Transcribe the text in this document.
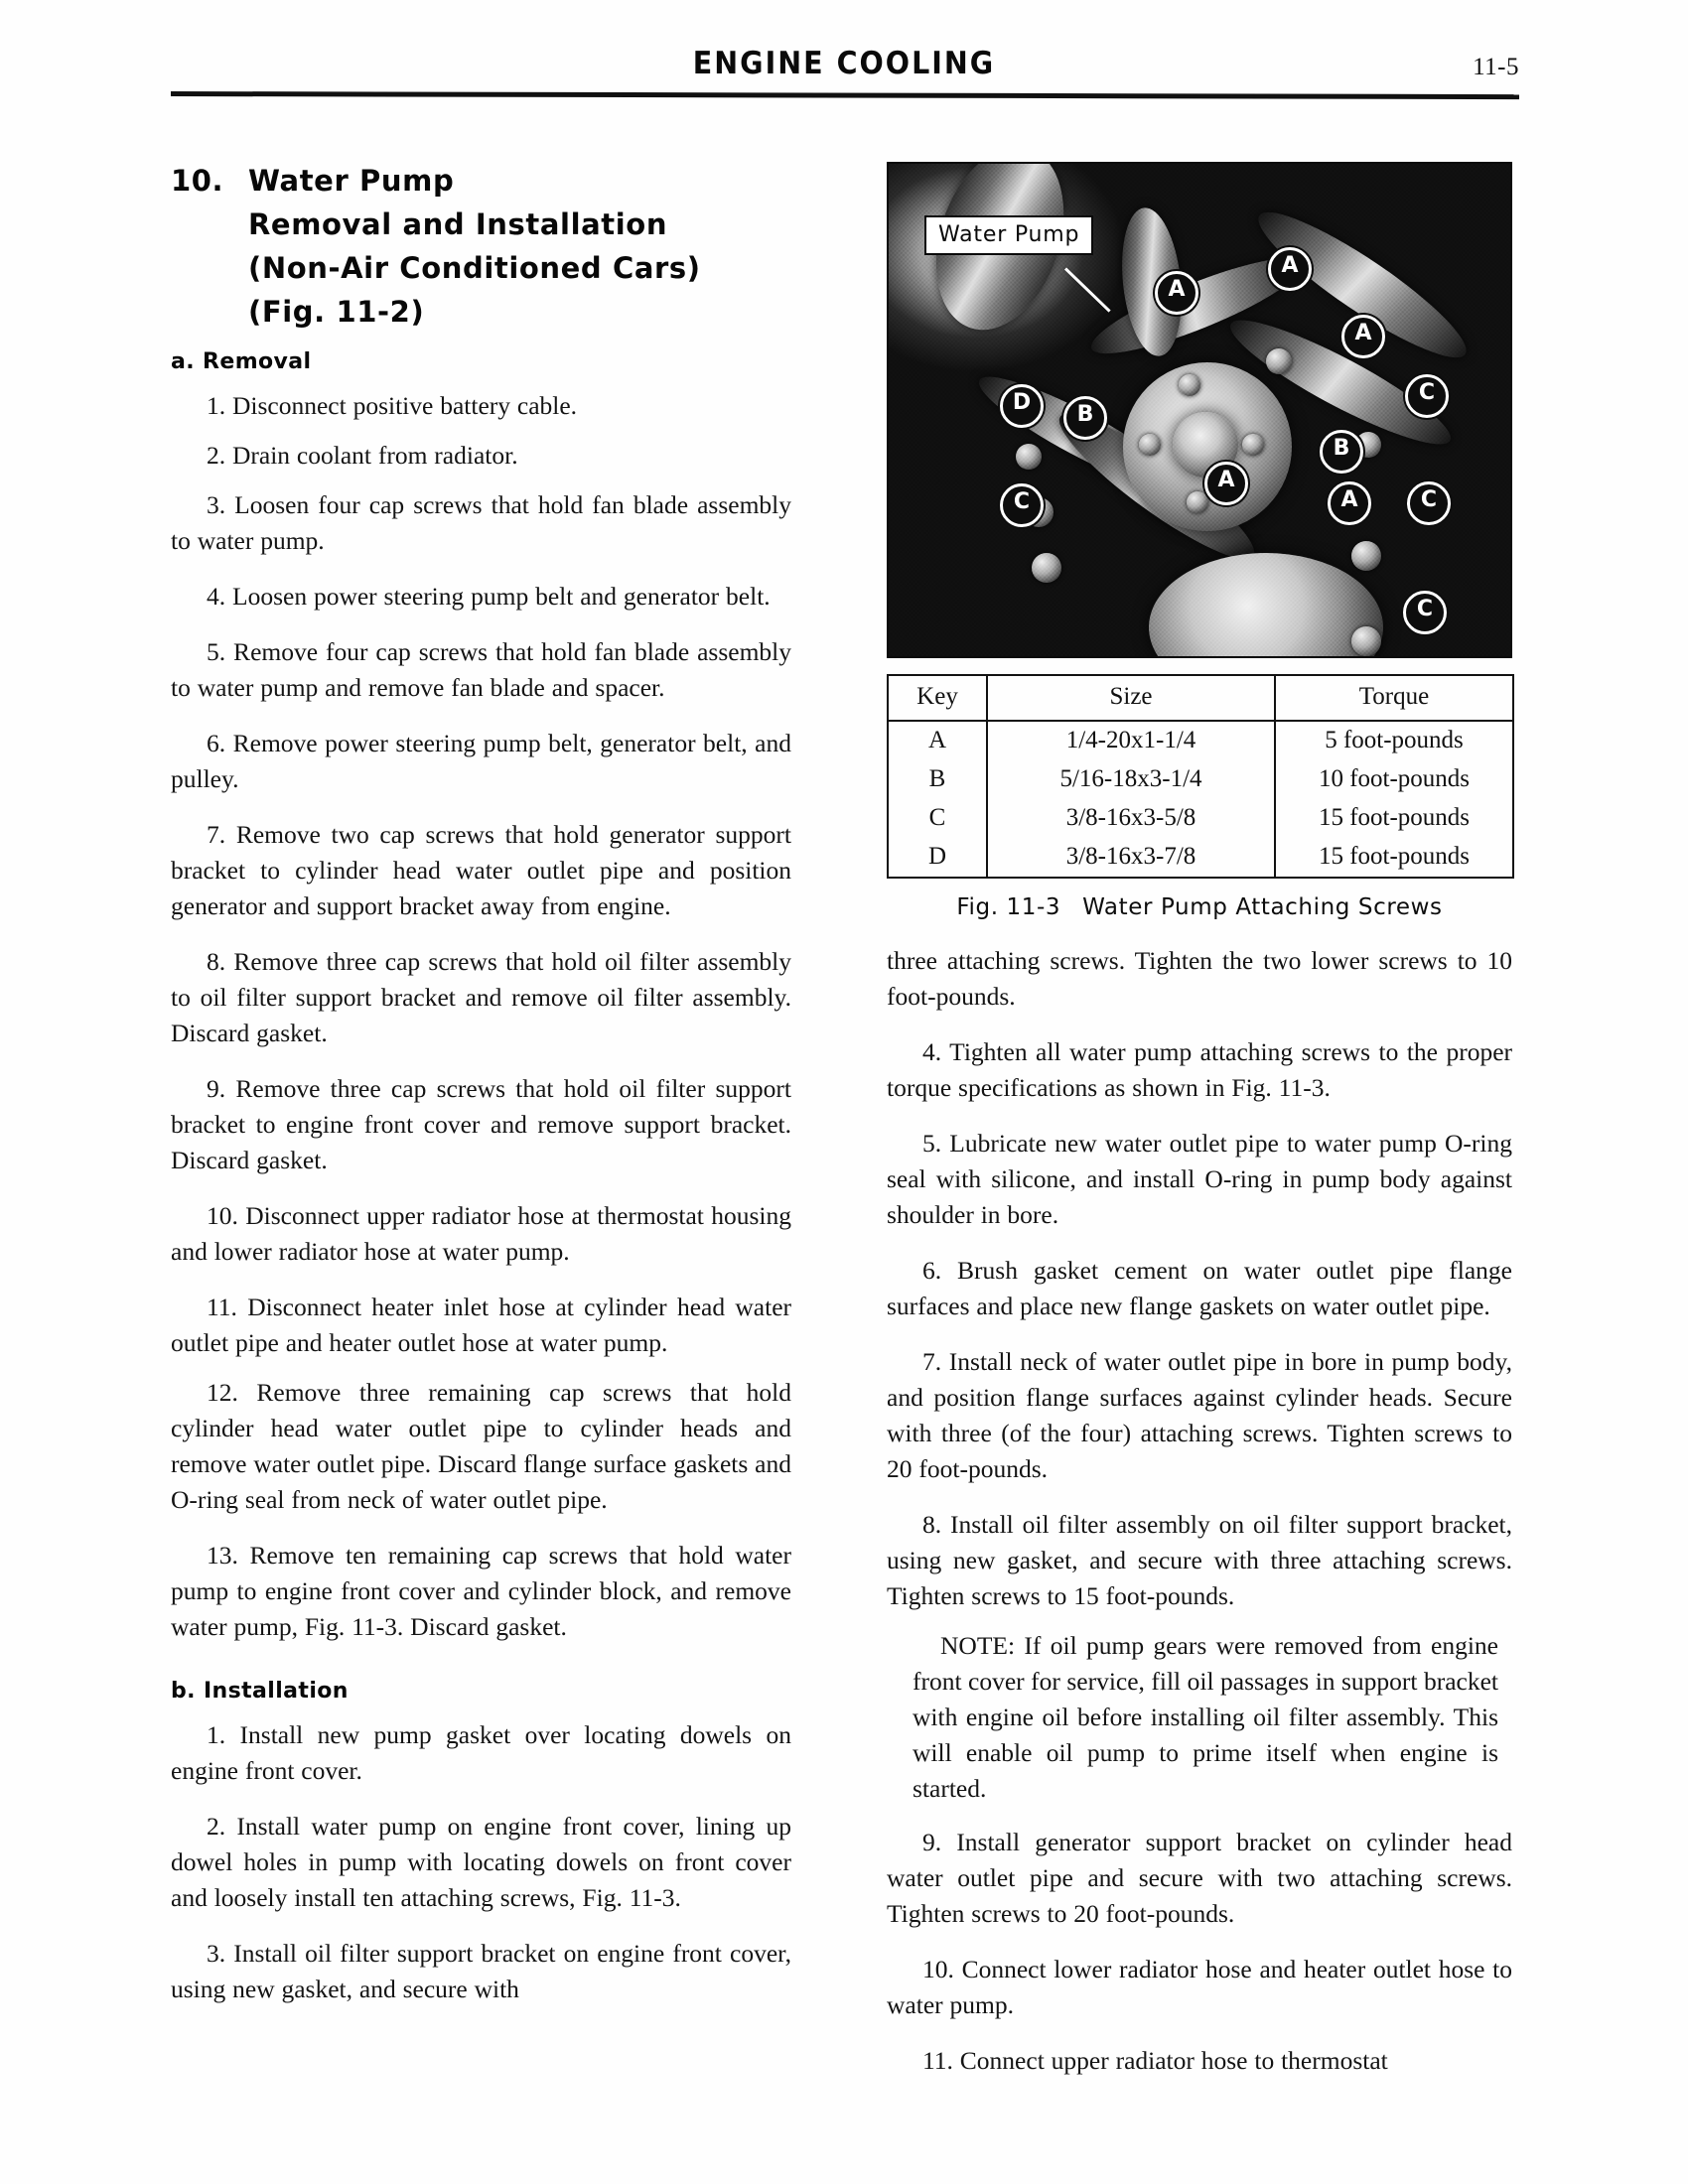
ENGINE COOLING	11-5
10. Water Pump
Removal and Installation
(Non-Air Conditioned Cars)
(Fig. 11-2)
a. Removal

1. Disconnect positive battery cable.

2. Drain coolant from radiator.

3. Loosen four cap screws that hold fan blade assembly to water pump.

4. Loosen power steering pump belt and generator belt.

5. Remove four cap screws that hold fan blade assembly to water pump and remove fan blade and spacer.

6. Remove power steering pump belt, generator belt, and pulley.

7. Remove two cap screws that hold generator support bracket to cylinder head water outlet pipe and position generator and support bracket away from engine.

8. Remove three cap screws that hold oil filter assembly to oil filter support bracket and remove oil filter assembly. Discard gasket.

9. Remove three cap screws that hold oil filter support bracket to engine front cover and remove support bracket. Discard gasket.

10. Disconnect upper radiator hose at thermostat housing and lower radiator hose at water pump.

11. Disconnect heater inlet hose at cylinder head water outlet pipe and heater outlet hose at water pump.

12. Remove three remaining cap screws that hold cylinder head water outlet pipe to cylinder heads and remove water outlet pipe. Discard flange surface gaskets and O-ring seal from neck of water outlet pipe.

13. Remove ten remaining cap screws that hold water pump to engine front cover and cylinder block, and remove water pump, Fig. 11-3. Discard gasket.

b. Installation

1. Install new pump gasket over locating dowels on engine front cover.

2. Install water pump on engine front cover, lining up dowel holes in pump with locating dowels on front cover and loosely install ten attaching screws, Fig. 11-3.

3. Install oil filter support bracket on engine front cover, using new gasket, and secure with

Water Pump
A
A
A
A
A
B
B
C
C
C
C
D
Key	Size	Torque
A	1/4-20x1-1/4	5 foot-pounds
B	5/16-18x3-1/4	10 foot-pounds
C	3/8-16x3-5/8	15 foot-pounds
D	3/8-16x3-7/8	15 foot-pounds
Fig. 11-3 Water Pump Attaching Screws

three attaching screws. Tighten the two lower screws to 10 foot-pounds.

4. Tighten all water pump attaching screws to the proper torque specifications as shown in Fig. 11-3.

5. Lubricate new water outlet pipe to water pump O-ring seal with silicone, and install O-ring in pump body against shoulder in bore.

6. Brush gasket cement on water outlet pipe flange surfaces and place new flange gaskets on water outlet pipe.

7. Install neck of water outlet pipe in bore in pump body, and position flange surfaces against cylinder heads. Secure with three (of the four) attaching screws. Tighten screws to 20 foot-pounds.

8. Install oil filter assembly on oil filter support bracket, using new gasket, and secure with three attaching screws. Tighten screws to 15 foot-pounds.

NOTE: If oil pump gears were removed from engine front cover for service, fill oil passages in support bracket with engine oil before installing oil filter assembly. This will enable oil pump to prime itself when engine is started.

9. Install generator support bracket on cylinder head water outlet pipe and secure with two attaching screws. Tighten screws to 20 foot-pounds.

10. Connect lower radiator hose and heater outlet hose to water pump.

11. Connect upper radiator hose to thermostat
